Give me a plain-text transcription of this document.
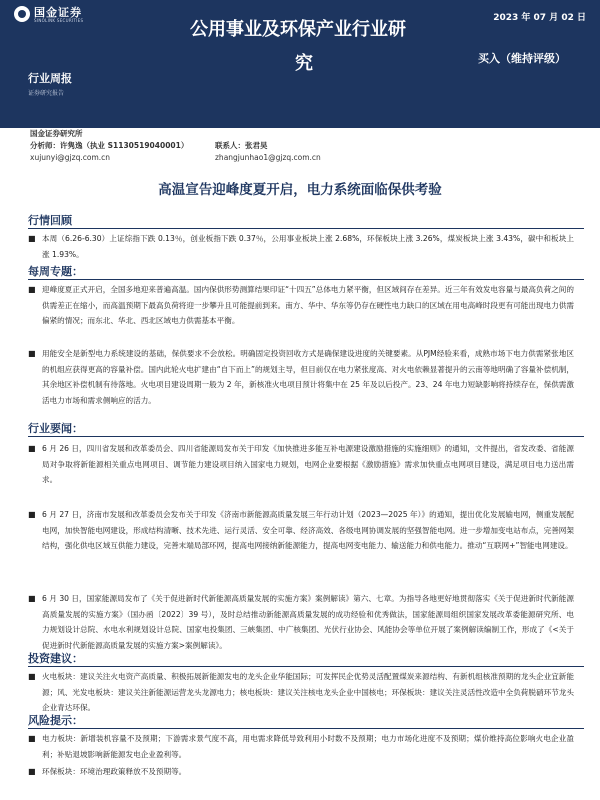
国金证券
SINOLINK SECURITIES	2023 年 07 月 02 日
公用事业及环保产业行业研
究	买入（维持评级）
行业周报
证券研究报告
国金证券研究所
分析师：许隽逸（执业 S1130519040001）	联系人：张君昊
xujunyi@gjzq.com.cn	zhangjunhao1@gjzq.com.cn
高温宣告迎峰度夏开启，电力系统面临保供考验
行情回顾
■ 本周（6.26-6.30）上证综指下跌 0.13％，创业板指下跌 0.37％，公用事业板块上涨 2.68%，环保板块上涨 3.26%，煤炭板块上涨 3.43%，碳中和板块上涨 1.93%。
每周专题：
■ 迎峰度夏正式开启，全国多地迎来普遍高温。国内保供形势测算结果印证“十四五”总体电力紧平衡，但区域间存在差异。近三年有效发电容量与最高负荷之间的供需差正在缩小，而高温预期下最高负荷将迎一步攀升且可能提前到来。南方、华中、华东等仍存在硬性电力缺口的区域在用电高峰时段更有可能出现电力供需偏紧的情况；而东北、华北、西北区域电力供需基本平衡。
■ 用能安全是新型电力系统建设的基础，保供要求不会放松。明确固定投资回收方式是确保建设进度的关键要素。从PJM经验来看，成熟市场下电力供需紧张地区的机组应获得更高的容量补偿。国内此轮火电扩建由“自下而上”的规划主导，但目前仅在电力紧张度高、对火电依赖显著提升的云南等地明确了容量补偿机制，其余地区补偿机制有待落地。火电项目建设周期一般为 2 年，新核准火电项目预计将集中在 25 年及以后投产。23、24 年电力短缺影响将持续存在，保供需激活电力市场和需求侧响应的活力。
行业要闻：
■ 6 月 26 日，四川省发展和改革委员会、四川省能源局发布关于印发《加快推进多能互补电源建设激励措施的实施细则》的通知，文件提出，省发改委、省能源局对争取将新能源相关重点电网项目、调节能力建设项目纳入国家电力规划，电网企业要根据《激励措施》需求加快重点电网项目建设，满足项目电力送出需求。
■ 6 月 27 日，济南市发展和改革委员会发布关于印发《济南市新能源高质量发展三年行动计划（2023—2025 年）》的通知，提出优化发展输电网，侧重发展配电网，加快智能电网建设，形成结构清晰、技术先进、运行灵活、安全可靠、经济高效、各级电网协调发展的坚强智能电网。进一步增加变电站布点，完善网架结构，强化供电区域互供能力建设，完善末端局部环网，提高电网接纳新能源能力，提高电网变电能力、输送能力和供电能力。推动“互联网+”智能电网建设。
■ 6 月 30 日，国家能源局发布了《关于促进新时代新能源高质量发展的实施方案》案例解读》第六、七章。为指导各地更好地贯彻落实《关于促进新时代新能源高质量发展的实施方案》（国办函〔2022〕39 号），及时总结推动新能源高质量发展的成功经验和优秀做法，国家能源局组织国家发展改革委能源研究所、电力规划设计总院、水电水利规划设计总院、国家电投集团、三峡集团、中广核集团、光伏行业协会、风能协会等单位开展了案例解读编制工作，形成了《<关于促进新时代新能源高质量发展的实施方案>案例解读》。
投资建议：
■ 火电板块：建议关注火电资产高质量、积极拓展新能源发电的龙头企业华能国际；可发挥民企优势灵活配置煤炭来源结构、有新机组核准预期的龙头企业宜新能源；风、光发电板块：建议关注新能源运营龙头龙源电力；核电板块：建议关注核电龙头企业中国核电；环保板块：建议关注灵活性改造中全负荷脱硝环节龙头企业青达环保。
风险提示：
■ 电力板块：新增装机容量不及预期；下游需求景气度不高，用电需求降低导致利用小时数不及预期；电力市场化进度不及预期；煤价维持高位影响火电企业盈利；补贴退坡影响新能源发电企业盈利等。
■ 环保板块：环境治理政策释放不及预期等。
